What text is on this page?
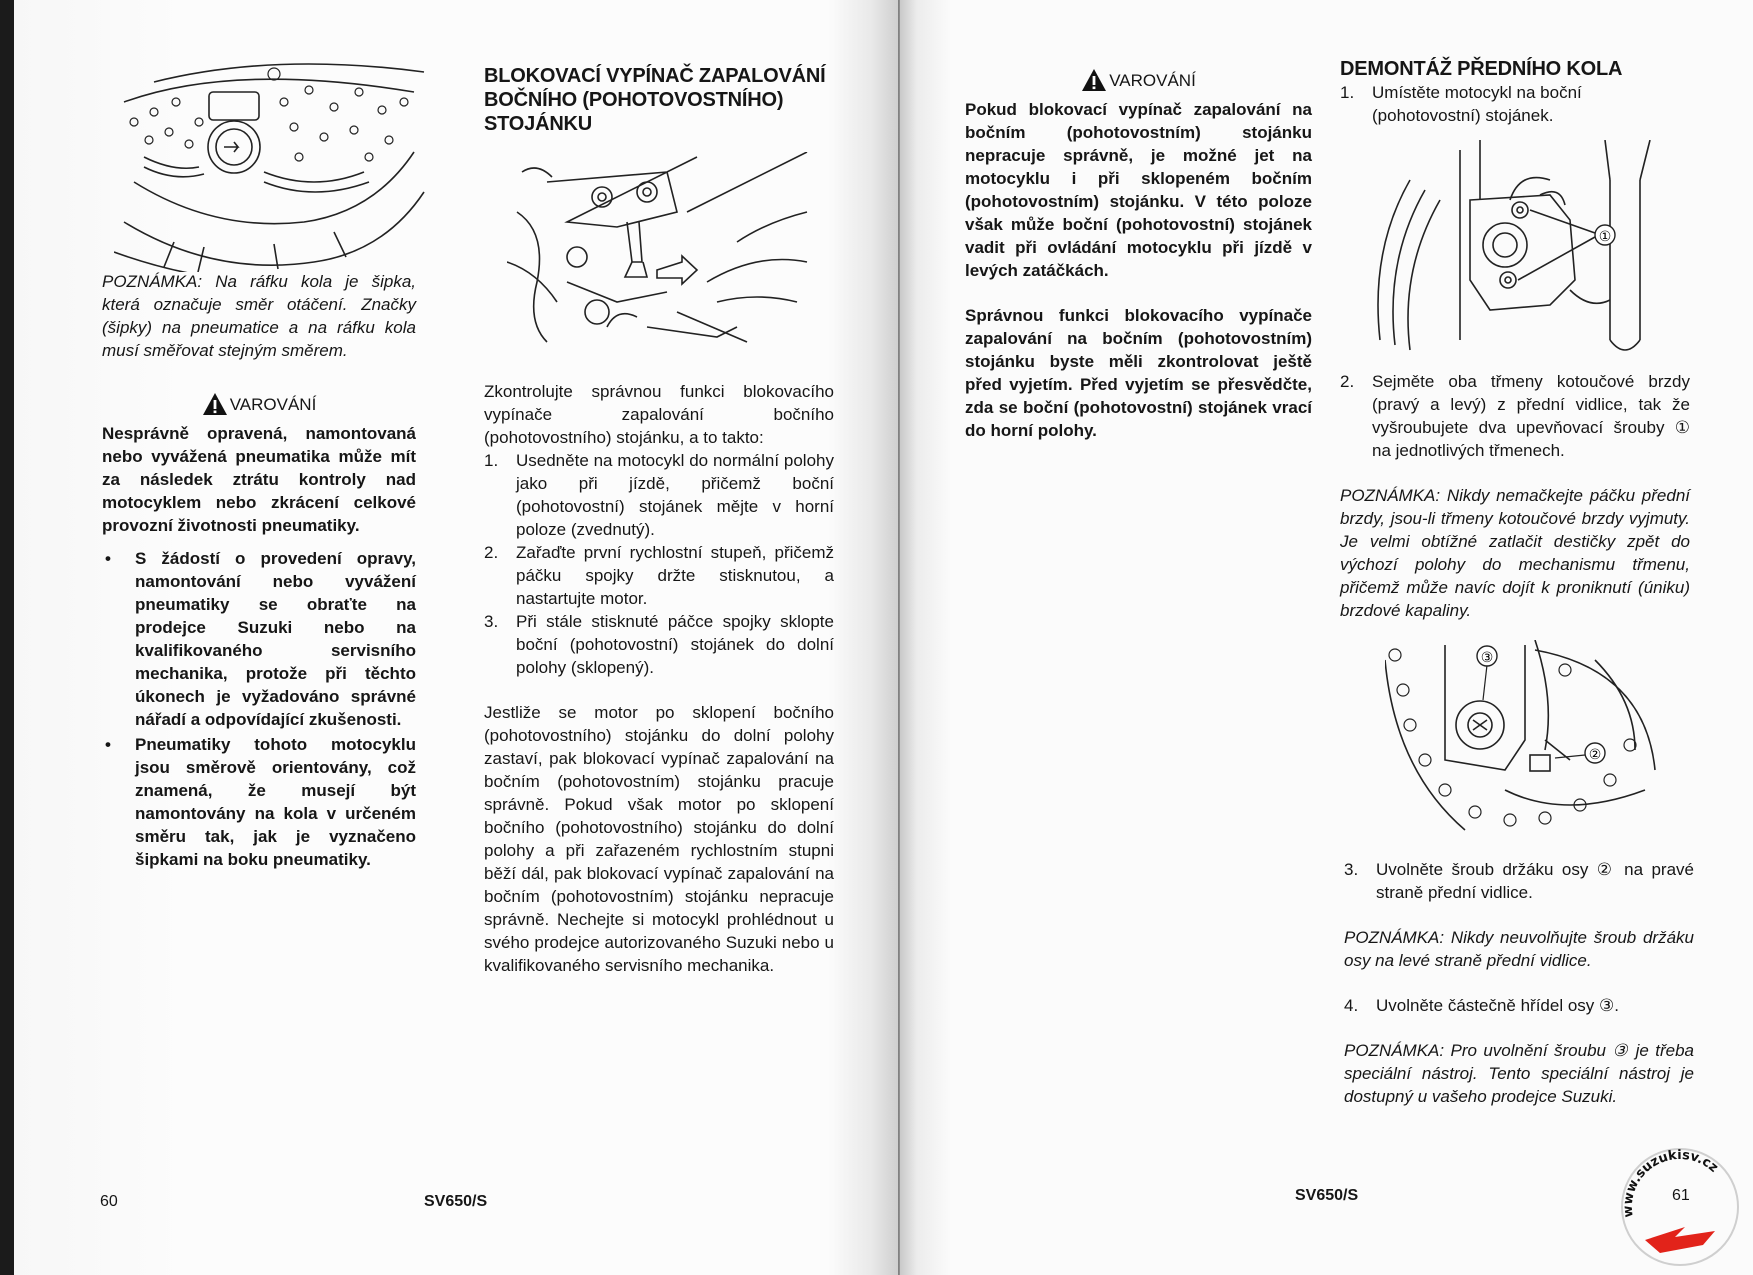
POZNÁMKA: Na ráfku kola je šipka, která označuje směr otáčení. Značky (šipky) na pneumatice a na ráfku kola musí směřovat stejným směrem.

VAROVÁNÍ

Nesprávně opravená, namontovaná nebo vyvážená pneumatika může mít za následek ztrátu kontroly nad motocyklem nebo zkrácení celkové provozní životnosti pneumatiky.

• S žádostí o provedení opravy, namontování nebo vyvážení pneumatiky se obraťte na prodejce Suzuki nebo na kvalifikovaného servisního mechanika, protože při těchto úkonech je vyžadováno správné nářadí a odpovídající zkušenosti.
• Pneumatiky tohoto motocyklu jsou směrově orientovány, což znamená, že musejí být namontovány na kola v určeném směru tak, jak je vyznačeno šipkami na boku pneumatiky.
BLOKOVACÍ VYPÍNAČ ZAPALOVÁNÍ BOČNÍHO (POHOTOVOSTNÍHO) STOJÁNKU

Zkontrolujte správnou funkci blokovacího vypínače zapalování bočního (pohotovostního) stojánku, a to takto:

1.	Usedněte na motocykl do normální polohy jako při jízdě, přičemž boční (pohotovostní) stojánek mějte v horní poloze (zvednutý).
2.	Zařaďte první rychlostní stupeň, přičemž páčku spojky držte stisknutou, a nastartujte motor.
3.	Při stále stisknuté páčce spojky sklopte boční (pohotovostní) stojánek do dolní polohy (sklopený).

Jestliže se motor po sklopení bočního (pohotovostního) stojánku do dolní polohy zastaví, pak blokovací vypínač zapalování na bočním (pohotovostním) stojánku pracuje správně. Pokud však motor po sklopení bočního (pohotovostního) stojánku do dolní polohy a při zařazeném rychlostním stupni běží dál, pak blokovací vypínač zapalování na bočním (pohotovostním) stojánku nepracuje správně. Nechejte si motocykl prohlédnout u svého prodejce autorizovaného Suzuki nebo u kvalifikovaného servisního mechanika.

60	SV650/S
VAROVÁNÍ

Pokud blokovací vypínač zapalování na bočním (pohotovostním) stojánku nepracuje správně, je možné jet na motocyklu i při sklopeném bočním (pohotovostním) stojánku. V této poloze však může boční (pohotovostní) stojánek vadit při ovládání motocyklu při jízdě v levých zatáčkách.

Správnou funkci blokovacího vypínače zapalování na bočním (pohotovostním) stojánku byste měli zkontrolovat ještě před vyjetím. Před vyjetím se přesvědčte, zda se boční (pohotovostní) stojánek vrací do horní polohy.

DEMONTÁŽ PŘEDNÍHO KOLA
1.	Umístěte motocykl na boční (pohotovostní) stojánek.
①
2.	Sejměte oba třmeny kotoučové brzdy (pravý a levý) z přední vidlice, tak že vyšroubujete dva upevňovací šrouby ① na jednotlivých třmenech.

POZNÁMKA: Nikdy nemačkejte páčku přední brzdy, jsou-li třmeny kotoučové brzdy vyjmuty. Je velmi obtížné zatlačit destičky zpět do výchozí polohy do mechanismu třmenu, přičemž může navíc dojít k proniknutí (úniku) brzdové kapaliny.

③
②
3.	Uvolněte šroub držáku osy ② na pravé straně přední vidlice.

POZNÁMKA: Nikdy neuvolňujte šroub držáku osy na levé straně přední vidlice.

4.	Uvolněte částečně hřídel osy ③.

POZNÁMKA: Pro uvolnění šroubu ③ je třeba speciální nástroj. Tento speciální nástroj je dostupný u vašeho prodejce Suzuki.

SV650/S	61
www.suzukisv.cz
